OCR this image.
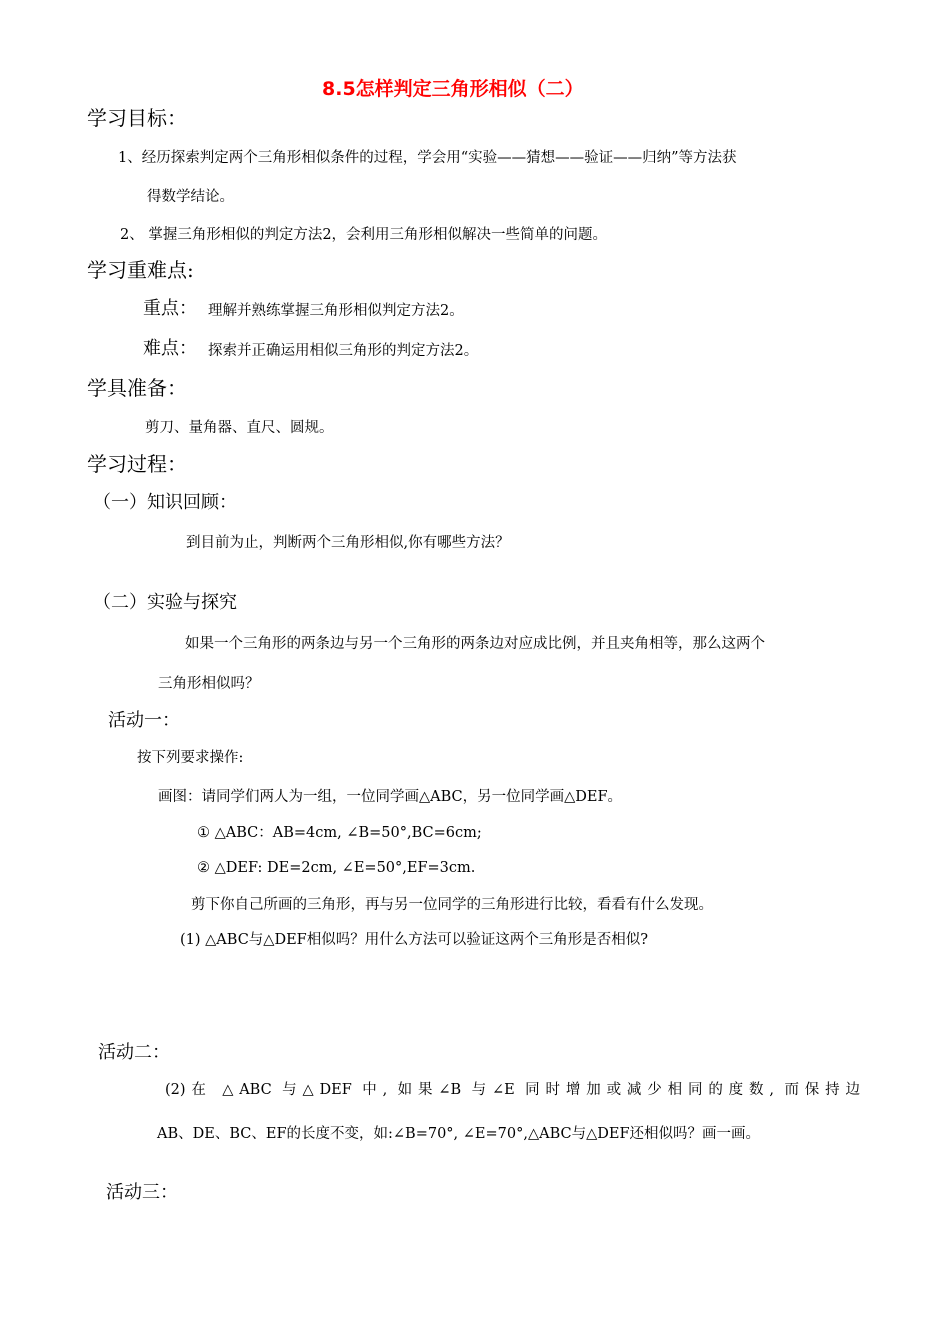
8.5怎样判定三角形相似（二）
学习目标：
1、经历探索判定两个三角形相似条件的过程，学会用“实验——猜想——验证——归纳”等方法获
得数学结论。
2、 掌握三角形相似的判定方法2，会利用三角形相似解决一些简单的问题。
学习重难点:
重点： 理解并熟练掌握三角形相似判定方法2。
难点： 探索并正确运用相似三角形的判定方法2。
学具准备：
剪刀、量角器、直尺、圆规。
学习过程：
（一）知识回顾：
到目前为止，判断两个三角形相似,你有哪些方法？
（二）实验与探究
如果一个三角形的两条边与另一个三角形的两条边对应成比例，并且夹角相等，那么这两个
三角形相似吗？
活动一：
按下列要求操作:
画图：请同学们两人为一组，一位同学画△ABC，另一位同学画△DEF。
① △ABC：AB=4cm, ∠B=50°,BC=6cm;
② △DEF: DE=2cm, ∠E=50°,EF=3cm.
剪下你自己所画的三角形，再与另一位同学的三角形进行比较，看看有什么发现。
(1) △ABC与△DEF相似吗？用什么方法可以验证这两个三角形是否相似?
活动二：
(2)在 △ABC 与△DEF 中, 如果∠B 与∠E 同时增加或减少相同的度数, 而保持边
AB、DE、BC、EF的长度不变，如:∠B=70°, ∠E=70°,△ABC与△DEF还相似吗？画一画。
活动三：
